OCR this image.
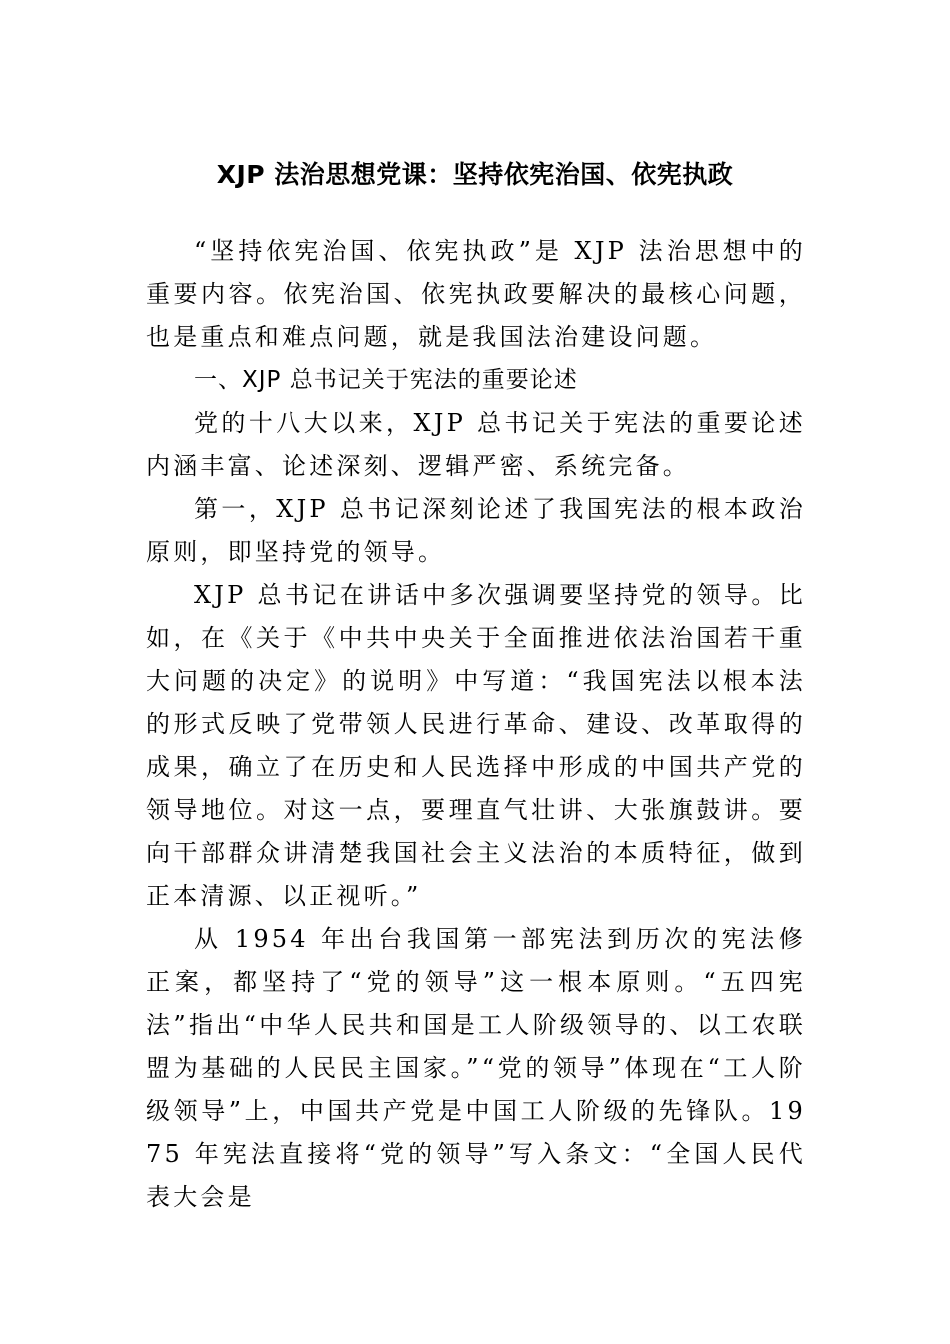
XJP 法治思想党课：坚持依宪治国、依宪执政

“坚持依宪治国、依宪执政”是 XJP 法治思想中的重要内容。依宪治国、依宪执政要解决的最核心问题，也是重点和难点问题，就是我国法治建设问题。

一、XJP 总书记关于宪法的重要论述

党的十八大以来，XJP 总书记关于宪法的重要论述内涵丰富、论述深刻、逻辑严密、系统完备。

第一，XJP 总书记深刻论述了我国宪法的根本政治原则，即坚持党的领导。

XJP 总书记在讲话中多次强调要坚持党的领导。比如，在《关于《中共中央关于全面推进依法治国若干重大问题的决定》的说明》中写道：“我国宪法以根本法的形式反映了党带领人民进行革命、建设、改革取得的成果，确立了在历史和人民选择中形成的中国共产党的领导地位。对这一点，要理直气壮讲、大张旗鼓讲。要向干部群众讲清楚我国社会主义法治的本质特征，做到正本清源、以正视听。”

从 1954 年出台我国第一部宪法到历次的宪法修正案，都坚持了“党的领导”这一根本原则。“五四宪法”指出“中华人民共和国是工人阶级领导的、以工农联盟为基础的人民民主国家。”“党的领导”体现在“工人阶级领导”上，中国共产党是中国工人阶级的先锋队。1975 年宪法直接将“党的领导”写入条文：“全国人民代表大会是
